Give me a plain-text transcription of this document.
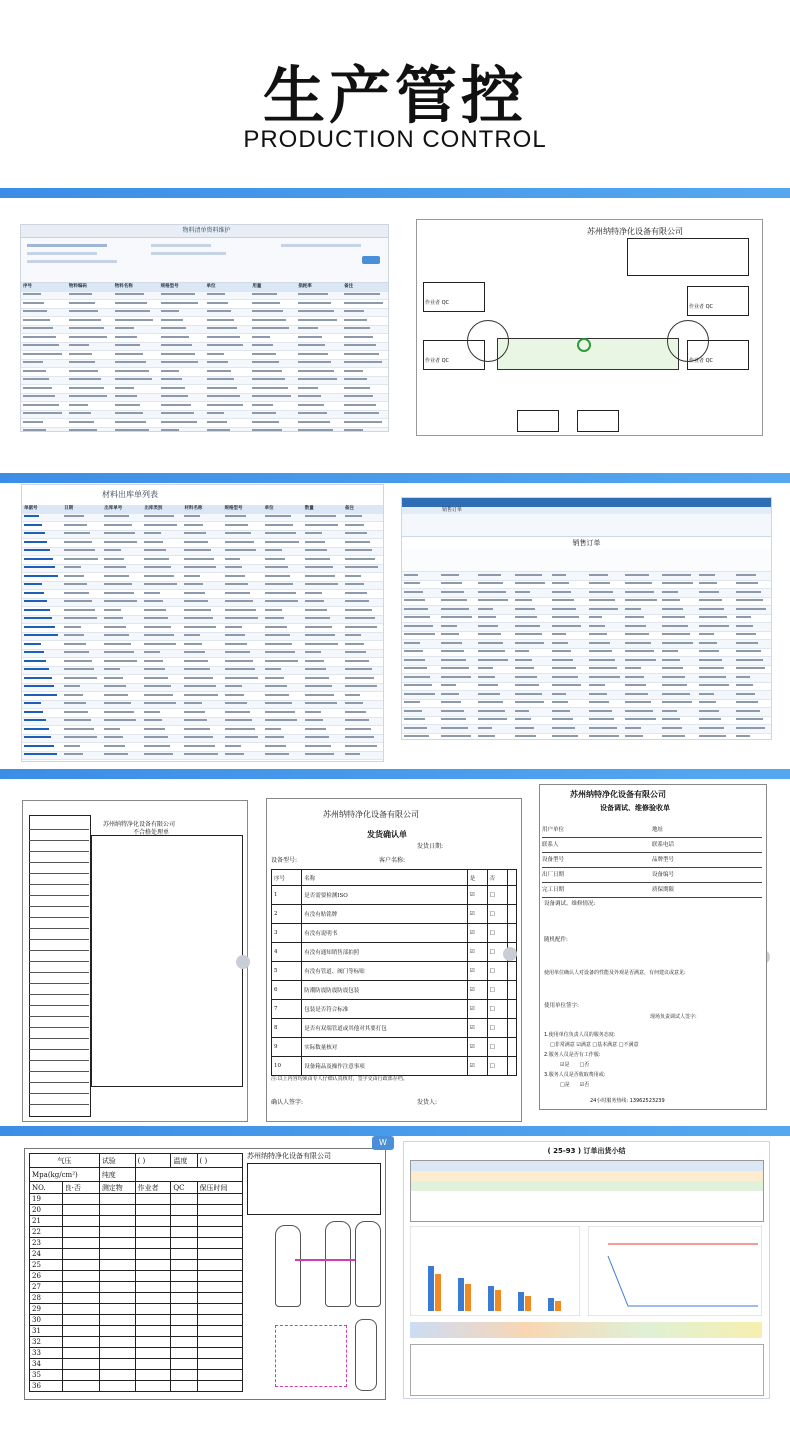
生产管控
PRODUCTION CONTROL
物料清单资料维护
序号	物料编码	物料名称	规格型号	单位	用量	损耗率	备注
苏州纳特净化设备有限公司
作业者 QC
作业者 QC
作业者 QC
作业者 QC
材料出库单列表
单据号	日期	出库单号	出库类别	材料名称	规格型号	单位	数量	备注	销售订单
销售订单
苏州纳特净化设备有限公司
不合格处理单
苏州纳特净化设备有限公司
发货确认单
发货日期:
设备型号:	客户名称:
序号	名称	是	否	
1	是否需要检测ISO	☑	□	
2	有没有贴铭牌	☑	□	
3	有没有说明书	☑	□	
4	有没有通知销售部拍照	☑	□	
5	有没有管道、阀门等标贴	☑	□	
6	防潮防震防震防震包装	☑	□	
7	包装是否符合标准	☑	□	
8	是否有双端管道或其他对其要打包	☑	□	
9	实际数量核对	☑	□	
10	设备箱品及操作注意事项	☑	□	
注:以上内容均须由专人仔细认真核对，签字交由行政部存档。
确认人签字:	发货人:
苏州纳特净化设备有限公司
设备调试、维修验收单
用户单位	地址
联系人	联系电话
设备型号	品牌型号
出厂日期	设备编号
完工日期	质保期限
设备调试、维修情况:
随机配件:
使用单位确认人对设备的性能及外观是否满意，有何建议或意见:
使用单位签字:
现场负责调试人签字:
1.使用单位负责人员的服务态度:
□非常满意 ☑满意 □基本满意 □不满意
2.服务人员是否有工作服:
☑是　　□否
3.服务人员是否收取费用或:
□是　　☑否
24小时服务热线: 13962523239
气压		试验	( )	温度	( )
Mpa(kg/cm²)		纯度			
NO.	良·否	测定物	作业者	QC	保压时间
19					
20					
21					
22					
23					
24					
25					
26					
27					
28					
29					
30					
31					
32					
33					
34					
35					
36					
苏州纳特净化设备有限公司
W
( 25-93 ) 订单出货小结
